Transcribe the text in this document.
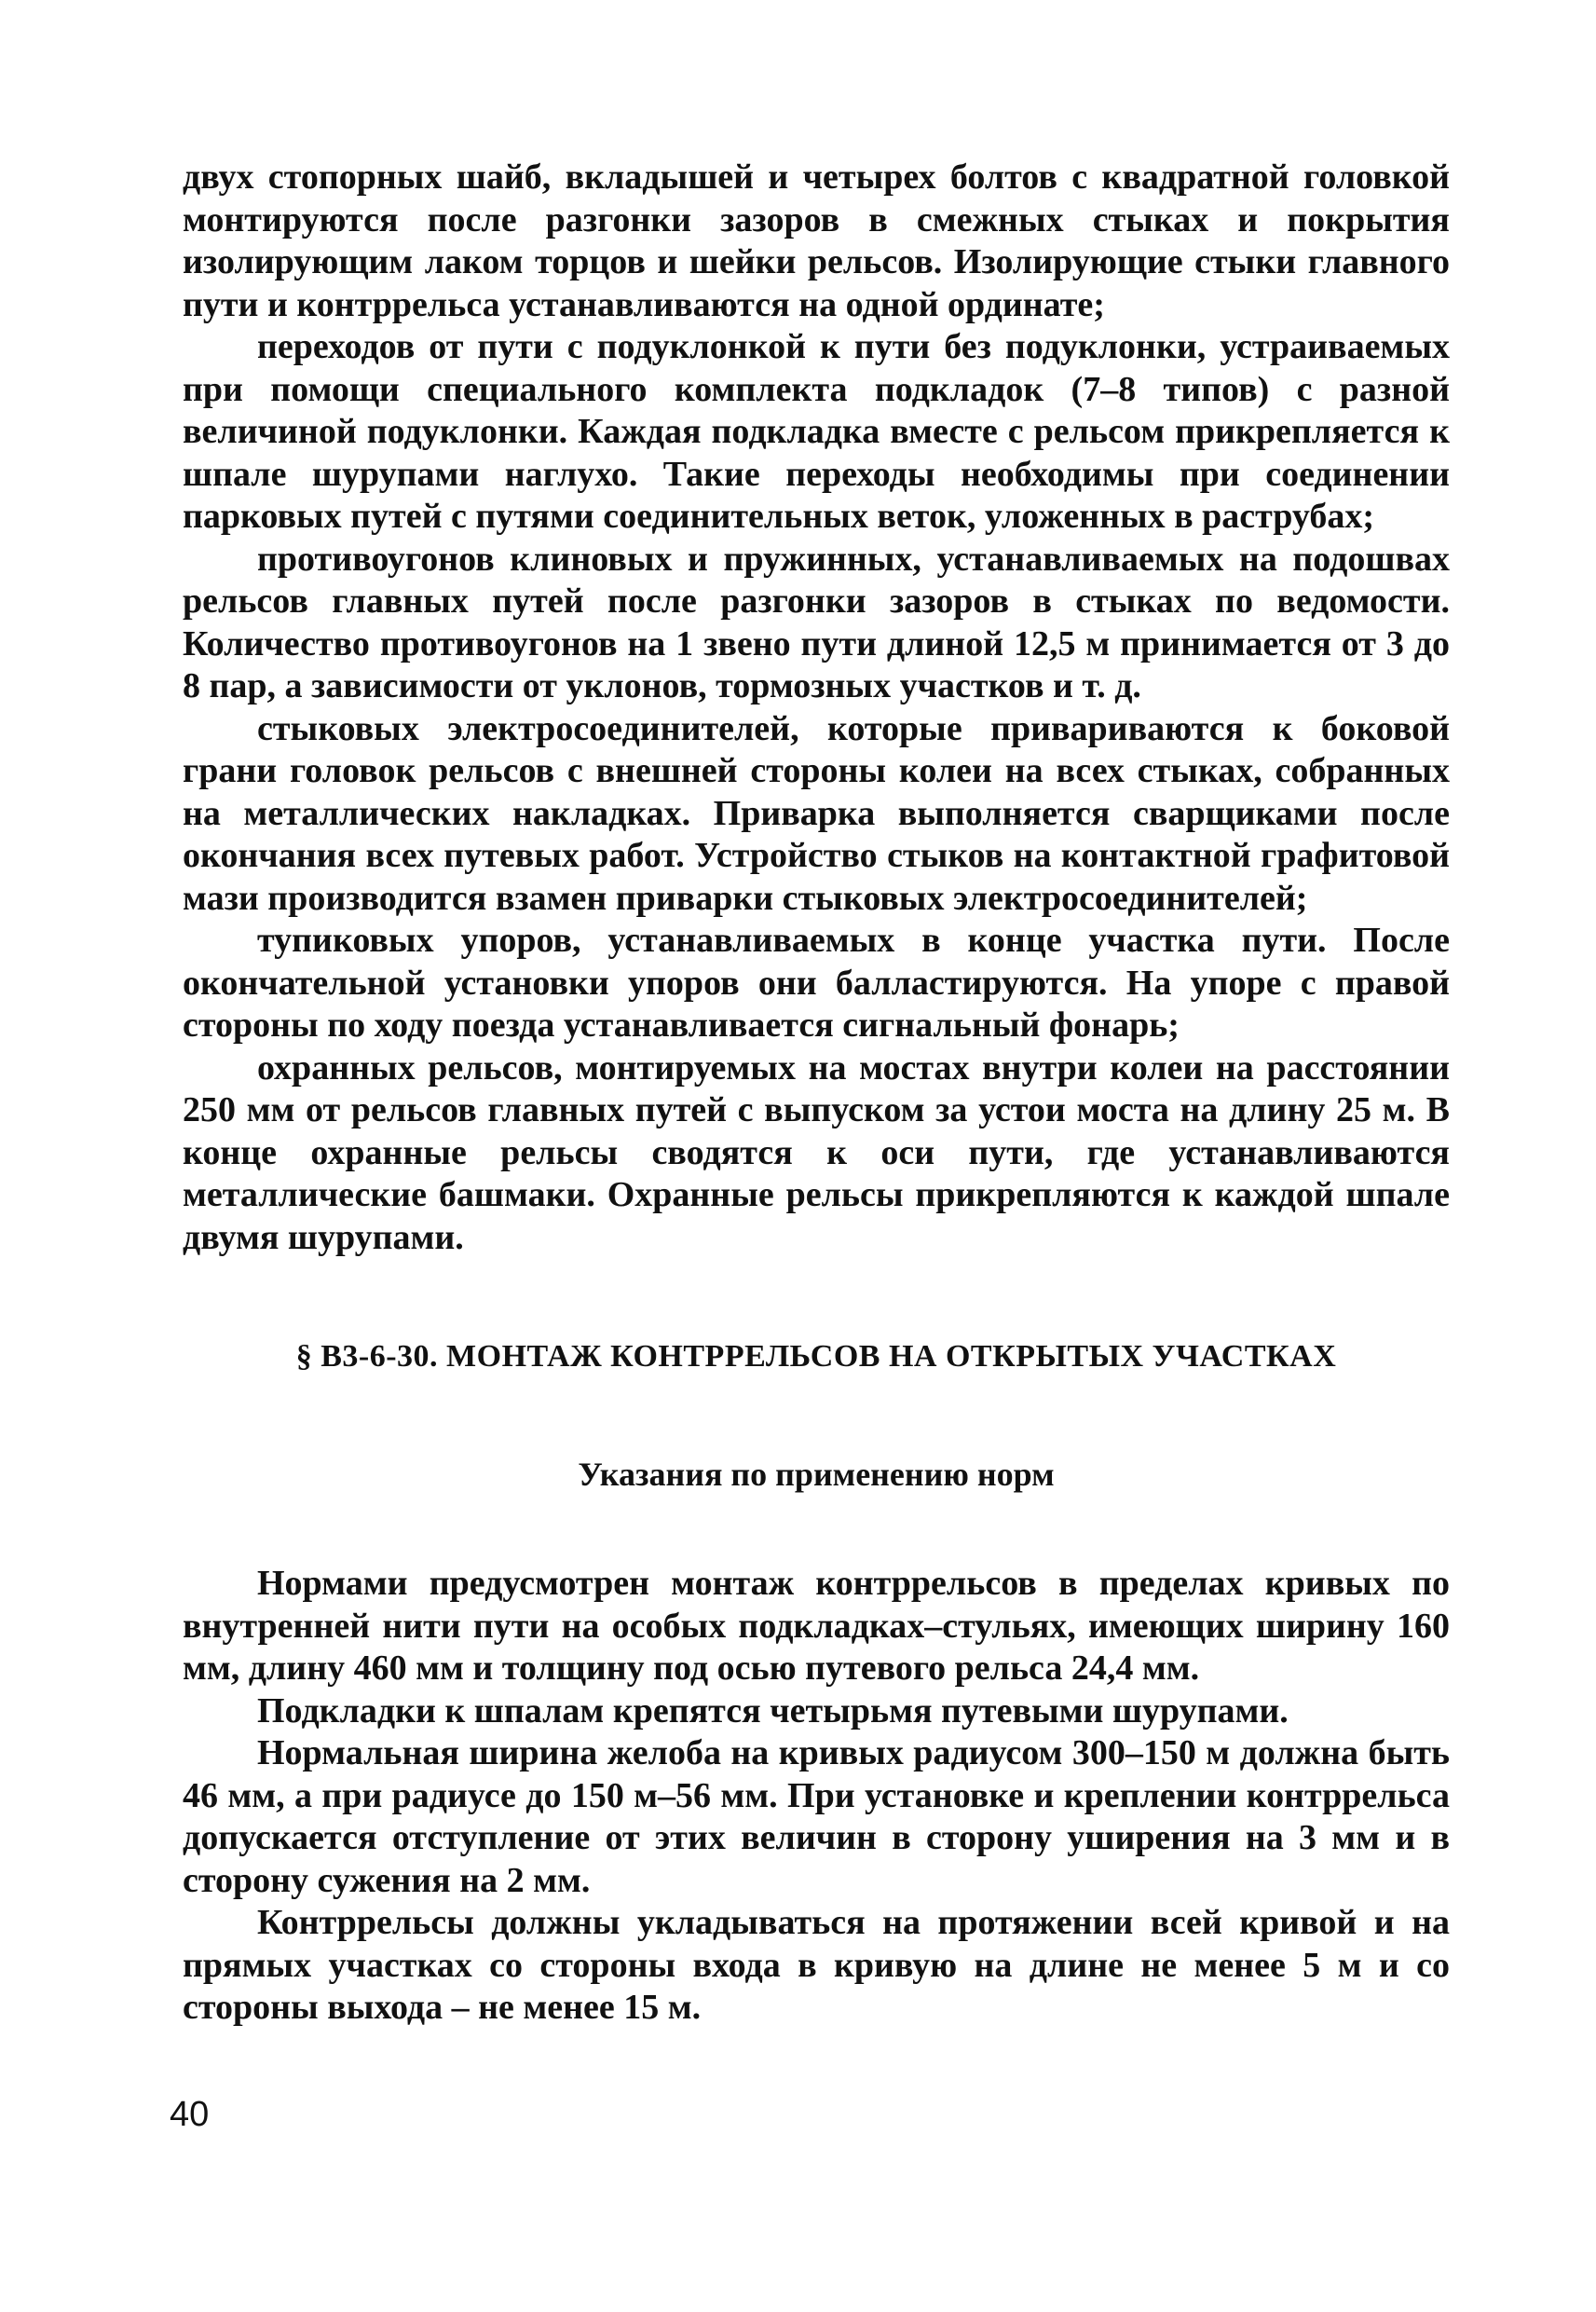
двух стопорных шайб, вкладышей и четырех болтов с квадратной головкой монтируются после разгонки зазоров в смежных стыках и покрытия изолирующим лаком торцов и шейки рельсов. Изолирующие стыки главного пути и контррельса устанавливаются на одной ординате;

переходов от пути с подуклонкой к пути без подуклонки, устраиваемых при помощи специального комплекта подкладок (7–8 типов) с разной величиной подуклонки. Каждая подкладка вместе с рельсом прикрепляется к шпале шурупами наглухо. Такие переходы необходимы при соединении парковых путей с путями соединительных веток, уложенных в раструбах;

противоугонов клиновых и пружинных, устанавливаемых на подошвах рельсов главных путей после разгонки зазоров в стыках по ведомости. Количество противоугонов на 1 звено пути длиной 12,5 м принимается от 3 до 8 пар, а зависимости от уклонов, тормозных участков и т. д.

стыковых электросоединителей, которые привариваются к боковой грани головок рельсов с внешней стороны колеи на всех стыках, собранных на металлических накладках. Приварка выполняется сварщиками после окончания всех путевых работ. Устройство стыков на контактной графитовой мази производится взамен приварки стыковых электросоединителей;

тупиковых упоров, устанавливаемых в конце участка пути. После окончательной установки упоров они балластируются. На упоре с правой стороны по ходу поезда устанавливается сигнальный фонарь;

охранных рельсов, монтируемых на мостах внутри колеи на расстоянии 250 мм от рельсов главных путей с выпуском за устои моста на длину 25 м. В конце охранные рельсы сводятся к оси пути, где устанавливаются металлические башмаки. Охранные рельсы прикрепляются к каждой шпале двумя шурупами.

§ В3-6-30. МОНТАЖ КОНТРРЕЛЬСОВ НА ОТКРЫТЫХ УЧАСТКАХ
Указания по применению норм

Нормами предусмотрен монтаж контррельсов в пределах кривых по внутренней нити пути на особых подкладках–стульях, имеющих ширину 160 мм, длину 460 мм и толщину под осью путевого рельса 24,4 мм.

Подкладки к шпалам крепятся четырьмя путевыми шурупами.

Нормальная ширина желоба на кривых радиусом 300–150 м должна быть 46 мм, а при радиусе до 150 м–56 мм. При установке и креплении контррельса допускается отступление от этих величин в сторону уширения на 3 мм и в сторону сужения на 2 мм.

Контррельсы должны укладываться на протяжении всей кривой и на прямых участках со стороны входа в кривую на длине не менее 5 м и со стороны выхода – не менее 15 м.

40
